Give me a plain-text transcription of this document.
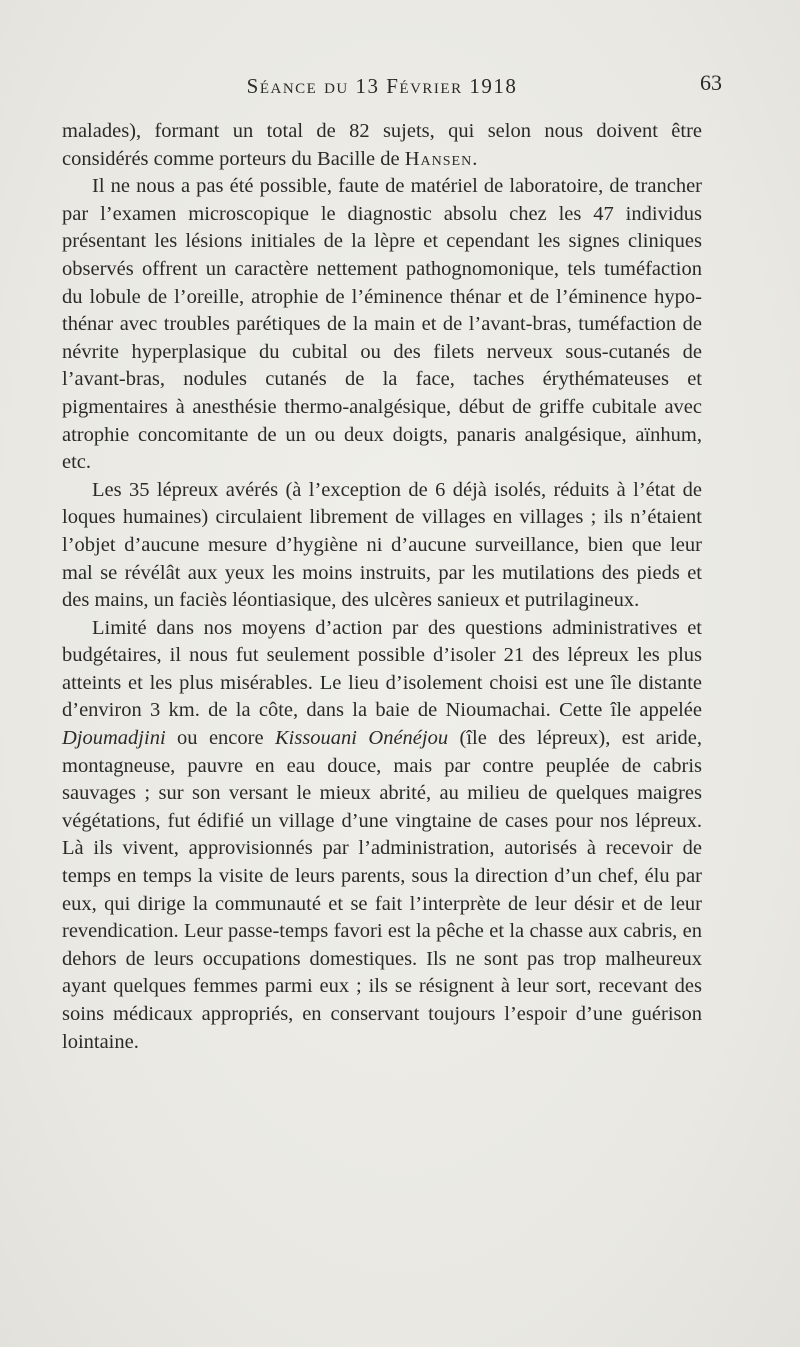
Séance du 13 Février 1918	63

malades), formant un total de 82 sujets, qui selon nous doivent être considérés comme porteurs du Bacille de Hansen.

Il ne nous a pas été possible, faute de matériel de laboratoire, de trancher par l’examen microscopique le diagnostic absolu chez les 47 individus présentant les lésions initiales de la lèpre et cependant les signes cliniques observés offrent un caractère nettement pathognomonique, tels tuméfaction du lobule de l’oreille, atrophie de l’éminence thénar et de l’éminence hypo-thénar avec troubles parétiques de la main et de l’avant-bras, tuméfaction de névrite hyperplasique du cubital ou des filets nerveux sous-cutanés de l’avant-bras, nodules cutanés de la face, taches érythémateuses et pigmentaires à anesthésie thermo-analgésique, début de griffe cubitale avec atrophie concomitante de un ou deux doigts, panaris analgésique, aïnhum, etc.

Les 35 lépreux avérés (à l’exception de 6 déjà isolés, réduits à l’état de loques humaines) circulaient librement de villages en villages ; ils n’étaient l’objet d’aucune mesure d’hygiène ni d’aucune surveillance, bien que leur mal se révélât aux yeux les moins instruits, par les mutilations des pieds et des mains, un faciès léontiasique, des ulcères sanieux et putrilagineux.

Limité dans nos moyens d’action par des questions administratives et budgétaires, il nous fut seulement possible d’isoler 21 des lépreux les plus atteints et les plus misérables. Le lieu d’isolement choisi est une île distante d’environ 3 km. de la côte, dans la baie de Nioumachai. Cette île appelée Djoumadjini ou encore Kissouani Onénéjou (île des lépreux), est aride, montagneuse, pauvre en eau douce, mais par contre peuplée de cabris sauvages ; sur son versant le mieux abrité, au milieu de quelques maigres végétations, fut édifié un village d’une vingtaine de cases pour nos lépreux. Là ils vivent, approvisionnés par l’administration, autorisés à recevoir de temps en temps la visite de leurs parents, sous la direction d’un chef, élu par eux, qui dirige la communauté et se fait l’interprète de leur désir et de leur revendication. Leur passe-temps favori est la pêche et la chasse aux cabris, en dehors de leurs occupations domestiques. Ils ne sont pas trop malheureux ayant quelques femmes parmi eux ; ils se résignent à leur sort, recevant des soins médicaux appropriés, en conservant toujours l’espoir d’une guérison lointaine.
